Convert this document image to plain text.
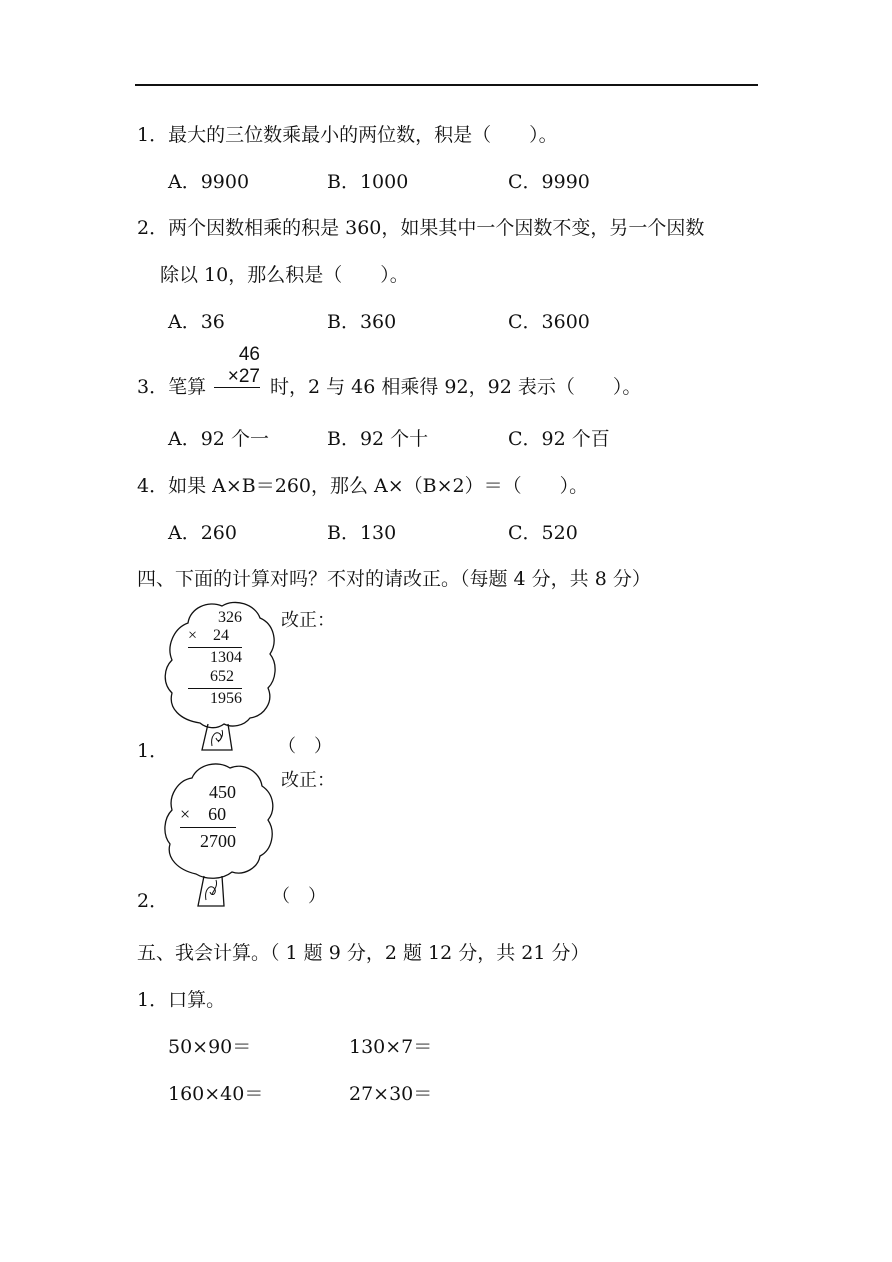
1．最大的三位数乘最小的两位数，积是（　　）。
A．9900	B．1000	C．9990
2．两个因数相乘的积是 360，如果其中一个因数不变，另一个因数
除以 10，那么积是（　　）。
A．36	B．360	C．3600
3．笔算
46
×27 时，2 与 46 相乘得 92，92 表示（　　）。
A．92 个一	B．92 个十	C．92 个百
4．如果 A×B＝260，那么 A×（B×2）＝（　　）。
A．260	B．130	C．520
四、下面的计算对吗？不对的请改正。（每题 4 分，共 8 分）
326
×　24
1304
652
1956
改正：
1．	（　）
450
×　60
2700
改正：
2．	（　）
五、我会计算。（ 1 题 9 分，2 题 12 分，共 21 分）
1．口算。
50×90＝	130×7＝
160×40＝	27×30＝
